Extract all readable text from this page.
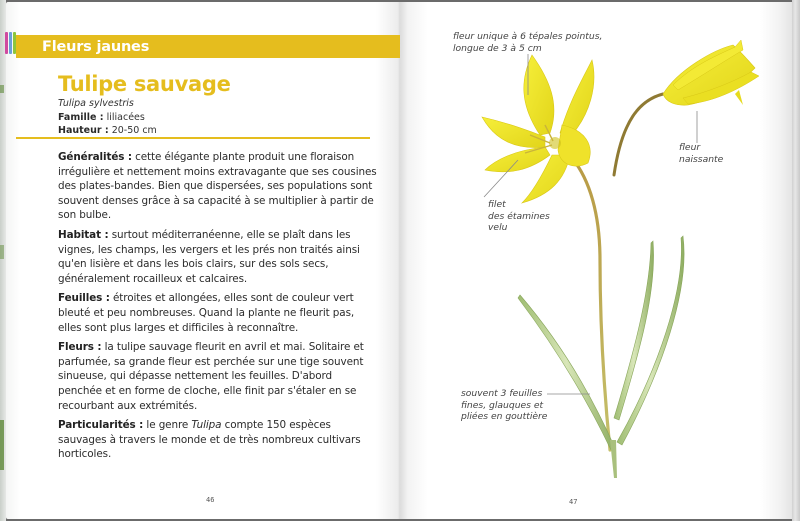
Fleurs jaunes
Tulipe sauvage
Tulipa sylvestris
Famille : liliacées
Hauteur : 20-50 cm

Généralités : cette élégante plante produit une floraison irrégulière et nettement moins extravagante que ses cousines des plates-bandes. Bien que dispersées, ses populations sont souvent denses grâce à sa capacité à se multiplier à partir de son bulbe.

Habitat : surtout méditerranéenne, elle se plaît dans les vignes, les champs, les vergers et les prés non traités ainsi qu'en lisière et dans les bois clairs, sur des sols secs, généralement rocailleux et calcaires.

Feuilles : étroites et allongées, elles sont de couleur vert bleuté et peu nombreuses. Quand la plante ne fleurit pas, elles sont plus larges et difficiles à reconnaître.

Fleurs : la tulipe sauvage fleurit en avril et mai. Solitaire et parfumée, sa grande fleur est perchée sur une tige souvent sinueuse, qui dépasse nettement les feuilles. D'abord penchée et en forme de cloche, elle finit par s'étaler en se recourbant aux extrémités.

Particularités : le genre Tulipa compte 150 espèces sauvages à travers le monde et de très nombreux cultivars horticoles.

46
fleur unique à 6 tépales pointus,
longue de 3 à 5 cm
fleur
naissante
filet
des étamines
velu
souvent 3 feuilles
fines, glauques et
pliées en gouttière
47
